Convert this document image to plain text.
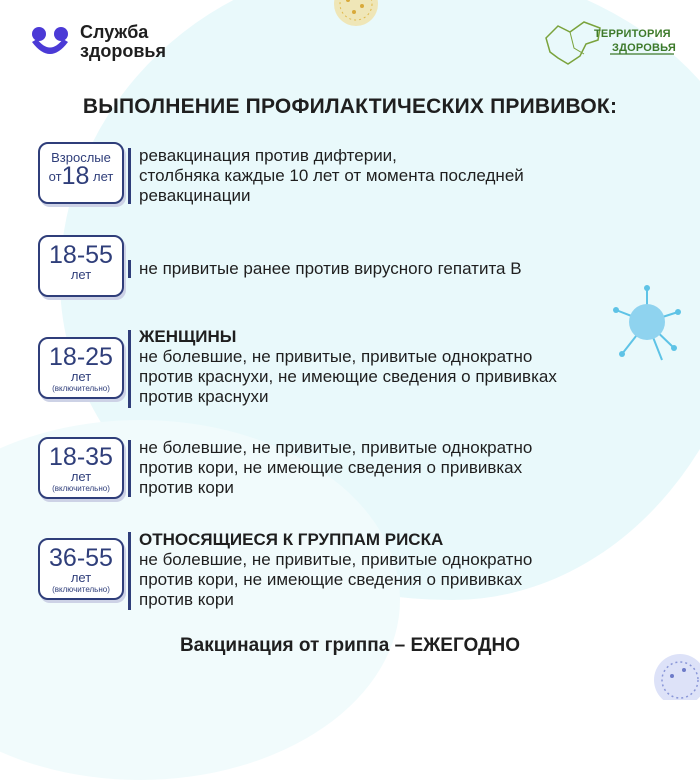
Служба
здоровья
ТЕРРИТОРИЯ
ЗДОРОВЬЯ
ВЫПОЛНЕНИЕ ПРОФИЛАКТИЧЕСКИХ ПРИВИВОК:
Взрослые
от18 лет
ревакцинация против дифтерии,
столбняка каждые 10 лет от момента последней
ревакцинации
18-55
лет	не привитые ранее против вирусного гепатита В
18-25
лет
(включительно)
ЖЕНЩИНЫ
не болевшие, не привитые, привитые однократно
против краснухи, не имеющие сведения о прививках
против краснухи
18-35
лет
(включительно)
не болевшие, не привитые, привитые однократно
против кори, не имеющие сведения о прививках
против кори
36-55
лет
(включительно)
ОТНОСЯЩИЕСЯ К ГРУППАМ РИСКА
не болевшие, не привитые, привитые однократно
против кори, не имеющие сведения о прививках
против кори
Вакцинация от гриппа – ЕЖЕГОДНО
